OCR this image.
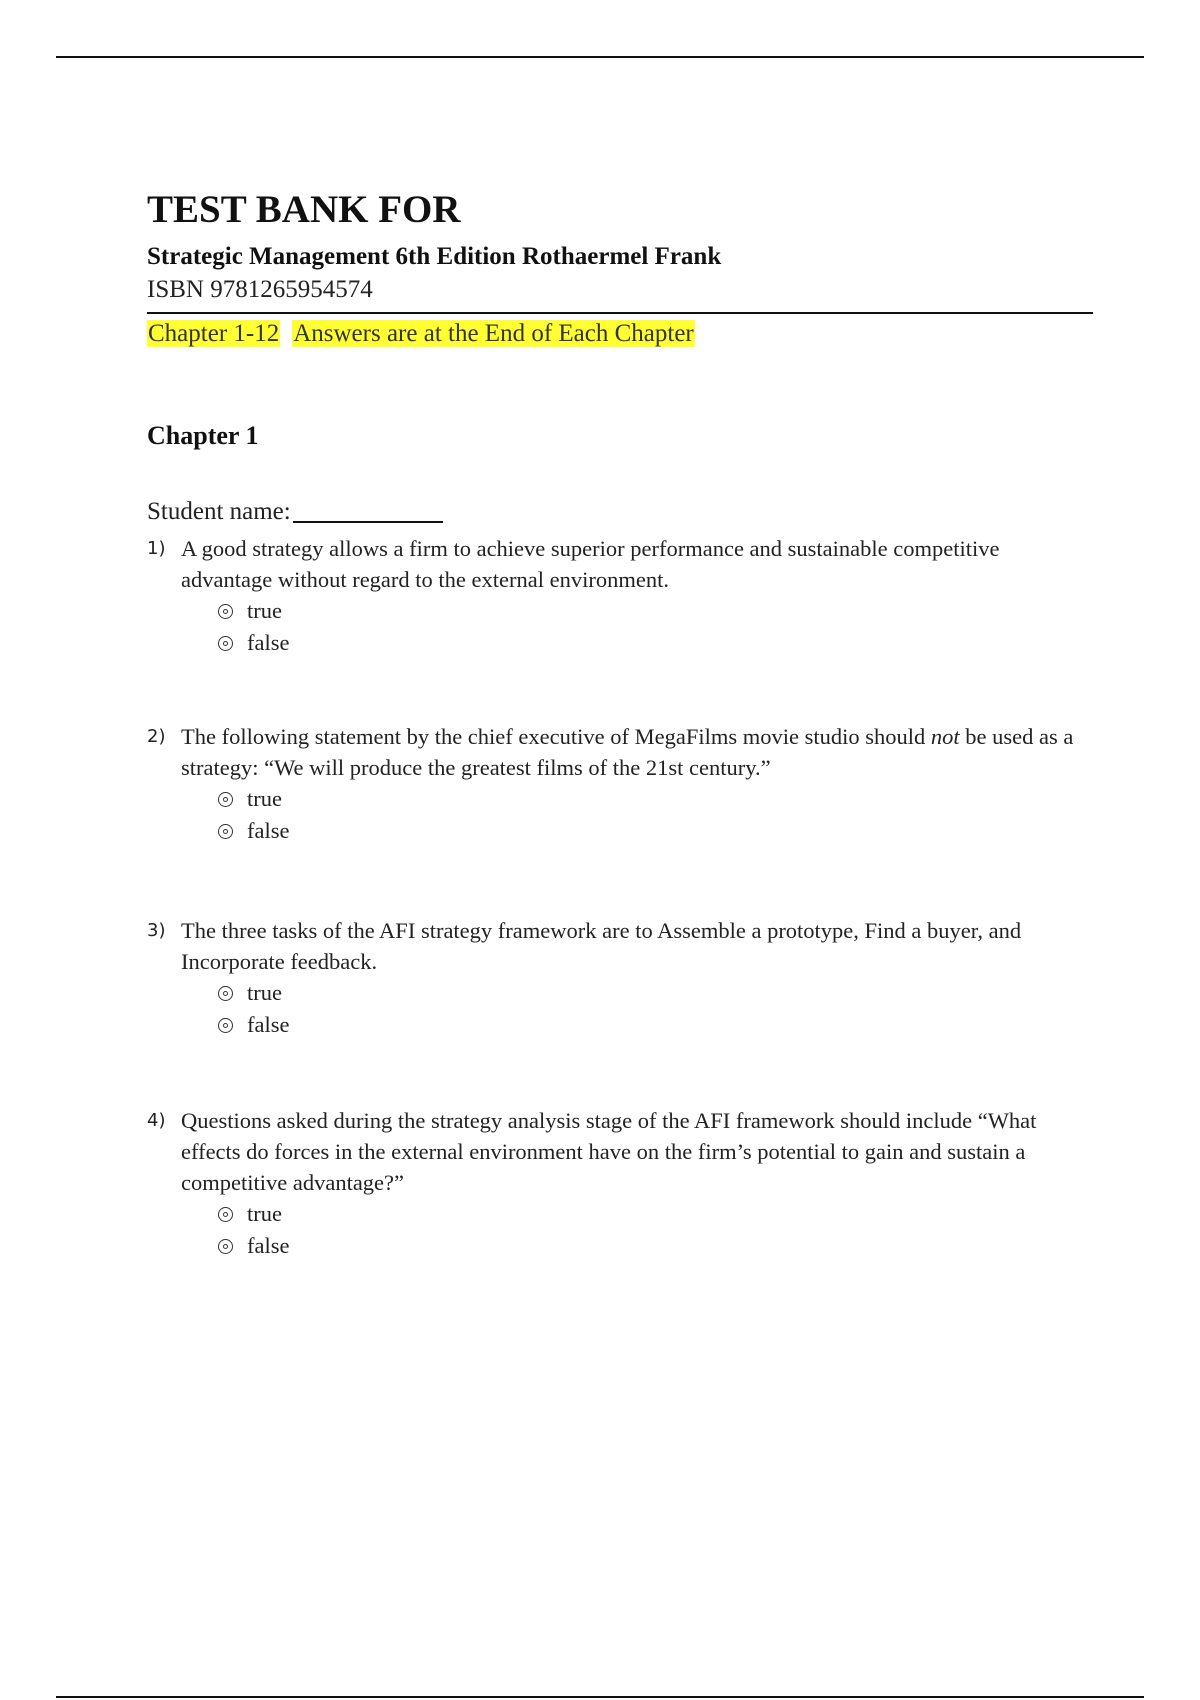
TEST BANK FOR
Strategic Management 6th Edition Rothaermel Frank
ISBN 9781265954574
Chapter 1-12 Answers are at the End of Each Chapter
Chapter 1
Student name:
1) A good strategy allows a firm to achieve superior performance and sustainable competitive advantage without regard to the external environment.

true
false
2) The following statement by the chief executive of MegaFilms movie studio should not be used as a strategy: “We will produce the greatest films of the 21st century.”

true
false
3) The three tasks of the AFI strategy framework are to Assemble a prototype, Find a buyer, and Incorporate feedback.

true
false
4) Questions asked during the strategy analysis stage of the AFI framework should include “What effects do forces in the external environment have on the firm’s potential to gain and sustain a competitive advantage?”

true
false
